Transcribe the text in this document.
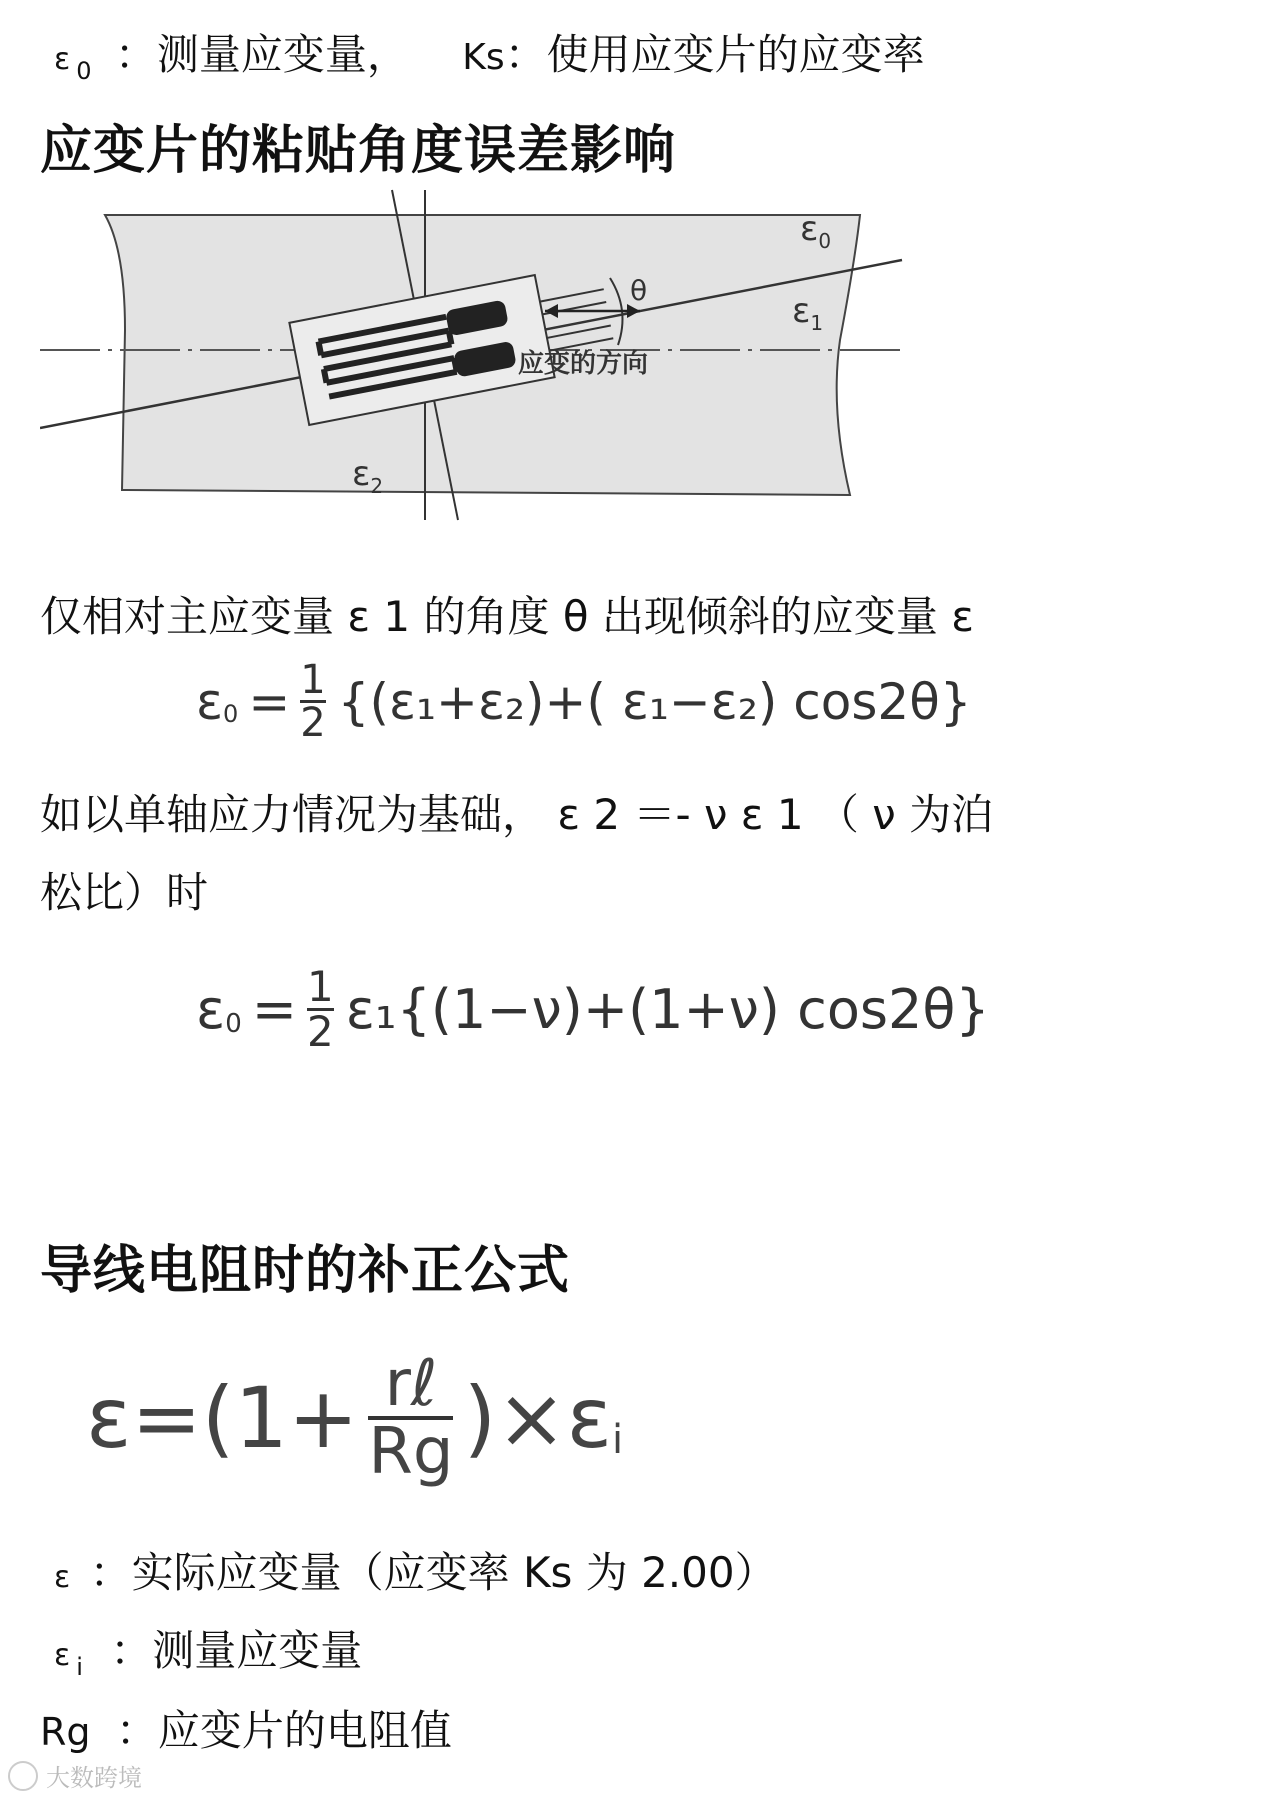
ε $_0$ ：测量应变量， Ks：使用应变片的应变率
应变片的粘贴角度误差影响
θ
应变的方向
$\varepsilon_0$
$\varepsilon_1$
$\varepsilon_2$
仅相对主应变量 ε 1 的角度 θ 出现倾斜的应变量 ε
ε $0 = \frac{1}{2} \{(\varepsilon_1+\varepsilon_2)+$( ε₁−ε₂) cos2θ}
如以单轴应力情况为基础， ε 2 ＝- ν ε 1 （ ν 为泊
松比）时
ε $0 = \frac{1}{2} \varepsilon_1\{(1-\nu)+(1+\nu)$ cos2θ}
导线电阻时的补正公式
$\varepsilon=(1+ \frac{\text{rℓ}}{Rg} )\times\varepsilon$ i
ε ：实际应变量（应变率 Ks 为 2.00）
ε $_i$ ：测量应变量
Rg ：应变片的电阻值
大数跨境
